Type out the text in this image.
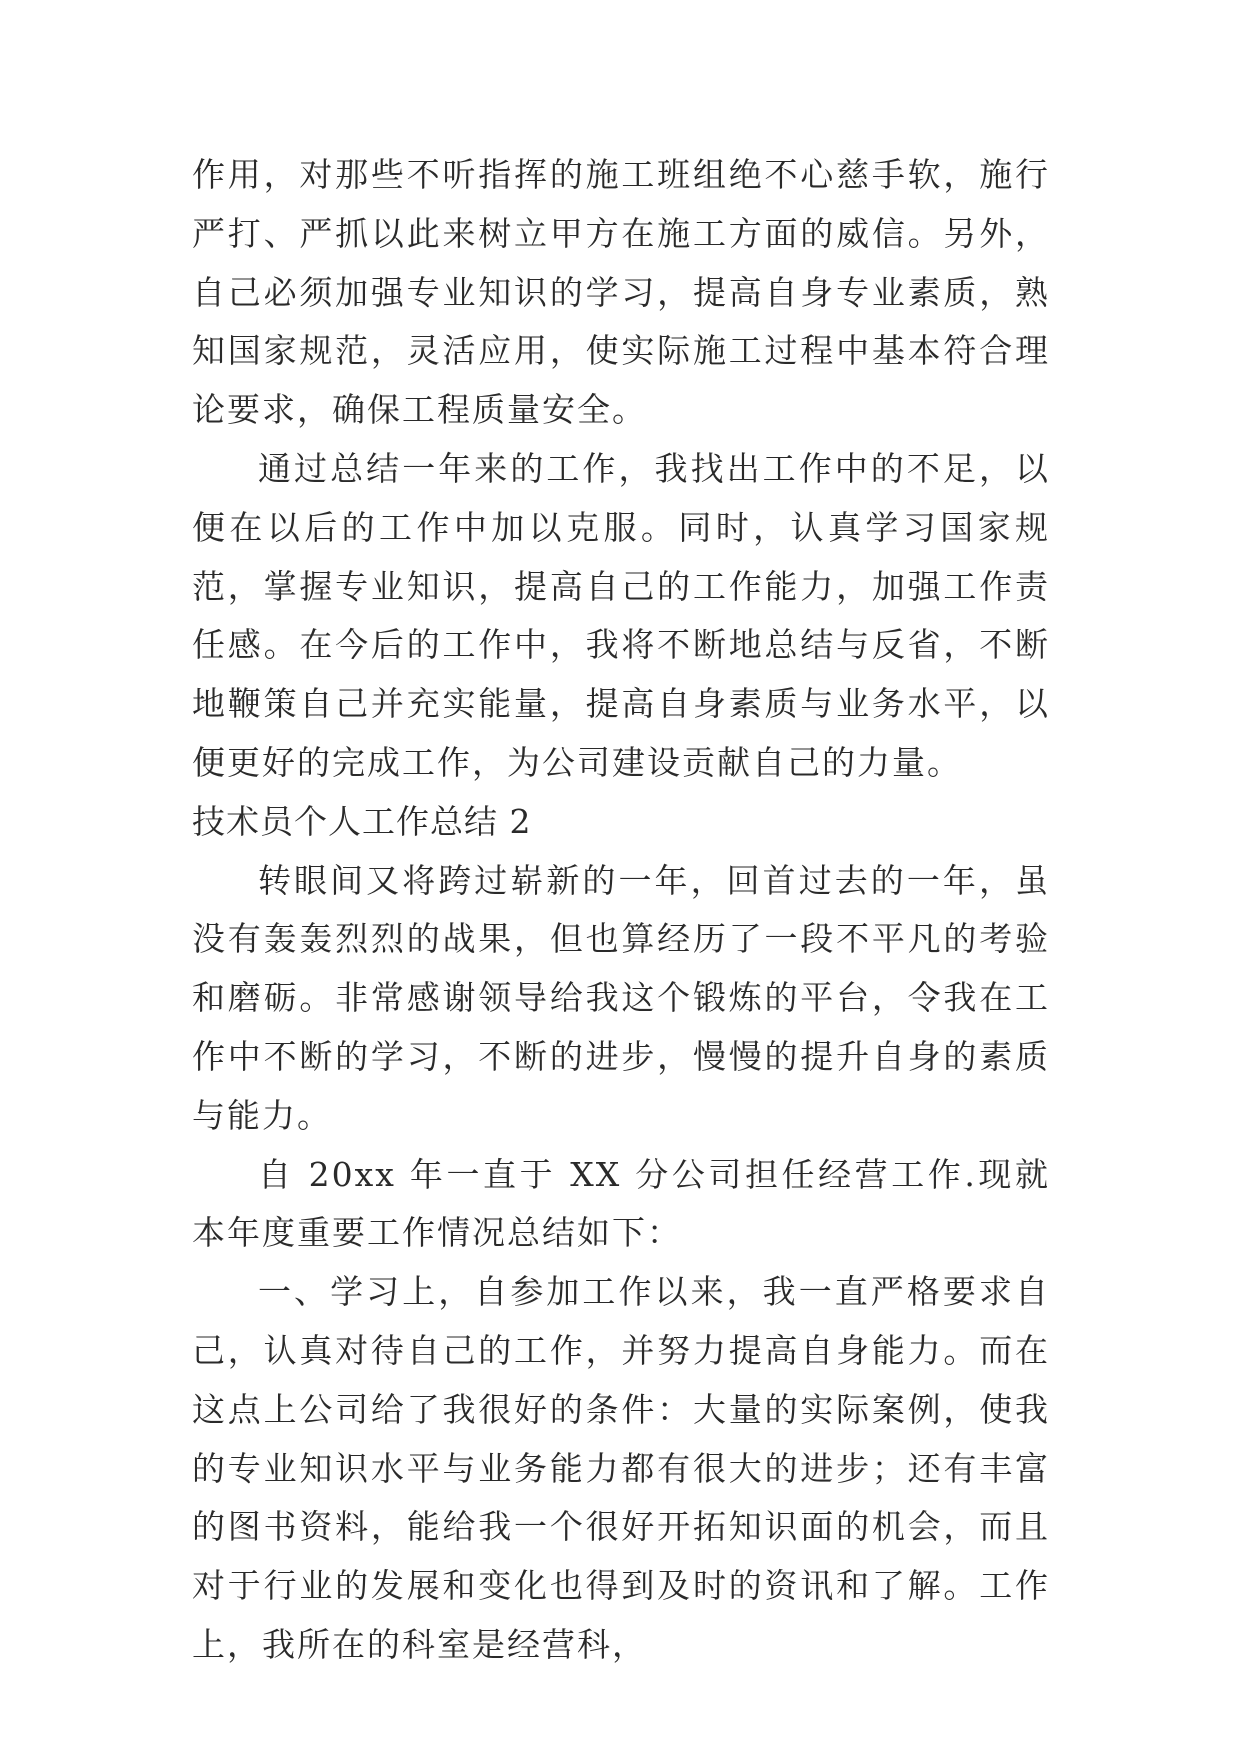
作用，对那些不听指挥的施工班组绝不心慈手软，施行严打、严抓以此来树立甲方在施工方面的威信。另外，自己必须加强专业知识的学习，提高自身专业素质，熟知国家规范，灵活应用，使实际施工过程中基本符合理论要求，确保工程质量安全。

通过总结一年来的工作，我找出工作中的不足，以便在以后的工作中加以克服。同时，认真学习国家规范，掌握专业知识，提高自己的工作能力，加强工作责任感。在今后的工作中，我将不断地总结与反省，不断地鞭策自己并充实能量，提高自身素质与业务水平，以便更好的完成工作，为公司建设贡献自己的力量。

技术员个人工作总结 2

转眼间又将跨过崭新的一年，回首过去的一年，虽没有轰轰烈烈的战果，但也算经历了一段不平凡的考验和磨砺。非常感谢领导给我这个锻炼的平台，令我在工作中不断的学习，不断的进步，慢慢的提升自身的素质与能力。

自 20xx 年一直于 XX 分公司担任经营工作.现就本年度重要工作情况总结如下：

一、学习上，自参加工作以来，我一直严格要求自己，认真对待自己的工作，并努力提高自身能力。而在这点上公司给了我很好的条件：大量的实际案例，使我的专业知识水平与业务能力都有很大的进步；还有丰富的图书资料，能给我一个很好开拓知识面的机会，而且对于行业的发展和变化也得到及时的资讯和了解。工作上，我所在的科室是经营科，
